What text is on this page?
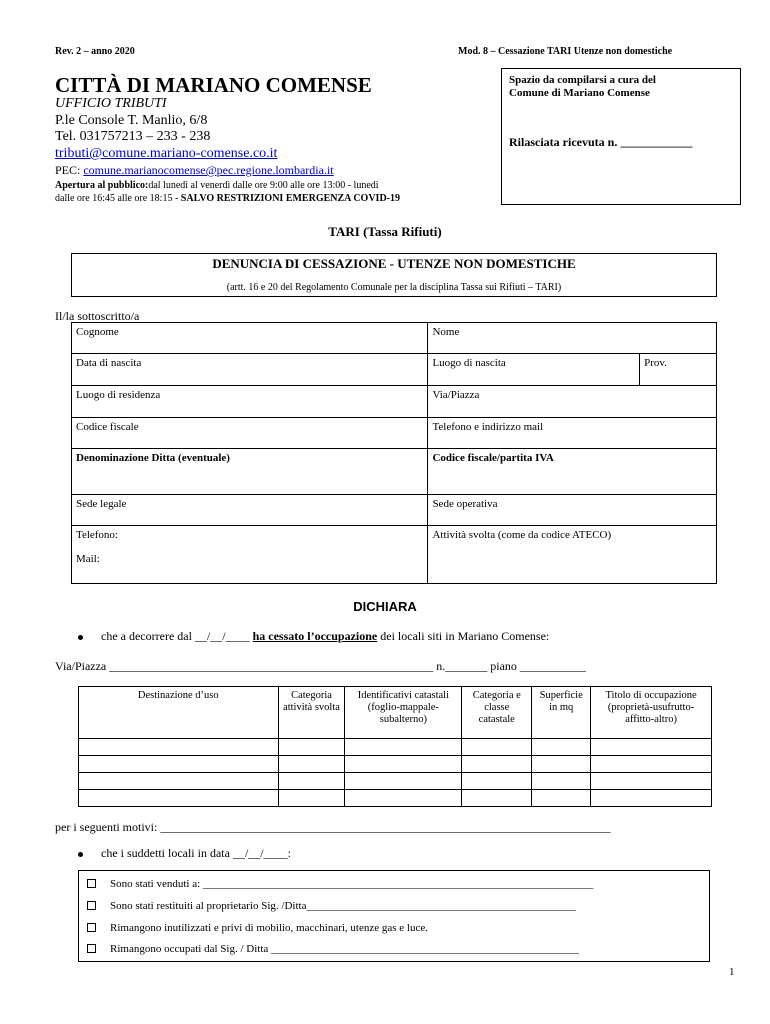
Rev. 2 – anno 2020	Mod. 8 – Cessazione TARI Utenze non domestiche
CITTÀ DI MARIANO COMENSE
UFFICIO TRIBUTI
P.le Console T. Manlio, 6/8
Tel. 031757213 – 233 - 238
tributi@comune.mariano-comense.co.it
PEC: comune.marianocomense@pec.regione.lombardia.it
Apertura al pubblico:dal lunedì al venerdì dalle ore 9:00 alle ore 13:00 - lunedì
dalle ore 16:45 alle ore 18:15 - SALVO RESTRIZIONI EMERGENZA COVID-19
Spazio da compilarsi a cura del
Comune di Mariano Comense
Rilasciata ricevuta n. ____________
TARI (Tassa Rifiuti)
DENUNCIA DI CESSAZIONE - UTENZE NON DOMESTICHE
(artt. 16 e 20 del Regolamento Comunale per la disciplina Tassa sui Rifiuti – TARI)
Il/la sottoscritto/a
Cognome	Nome	
Data di nascita	Luogo di nascita	Prov.
Luogo di residenza	Via/Piazza	
Codice fiscale	Telefono e indirizzo mail	
Denominazione Ditta (eventuale)	Codice fiscale/partita IVA	
Sede legale	Sede operativa	

Telefono:
Mail:	Attività svolta (come da codice ATECO)	
DICHIARA
che a decorrere dal __/__/____ ha cessato l’occupazione dei locali siti in Mariano Comense:
Via/Piazza ______________________________________________________ n._______ piano ___________
Destinazione d’uso	Categoria attività svolta	Identificativi catastali (foglio-mappale-subalterno)	Categoria e classe catastale	Superficie in mq	Titolo di occupazione (proprietà-usufrutto-affitto-altro)

per i seguenti motivi: ___________________________________________________________________________
che i suddetti locali in data __/__/____:
Sono stati venduti a: _______________________________________________________________________
Sono stati restituiti al proprietario Sig. /Ditta_________________________________________________
Rimangono inutilizzati e privi di mobilio, macchinari, utenze gas e luce.
Rimangono occupati dal Sig. / Ditta ________________________________________________________
1
